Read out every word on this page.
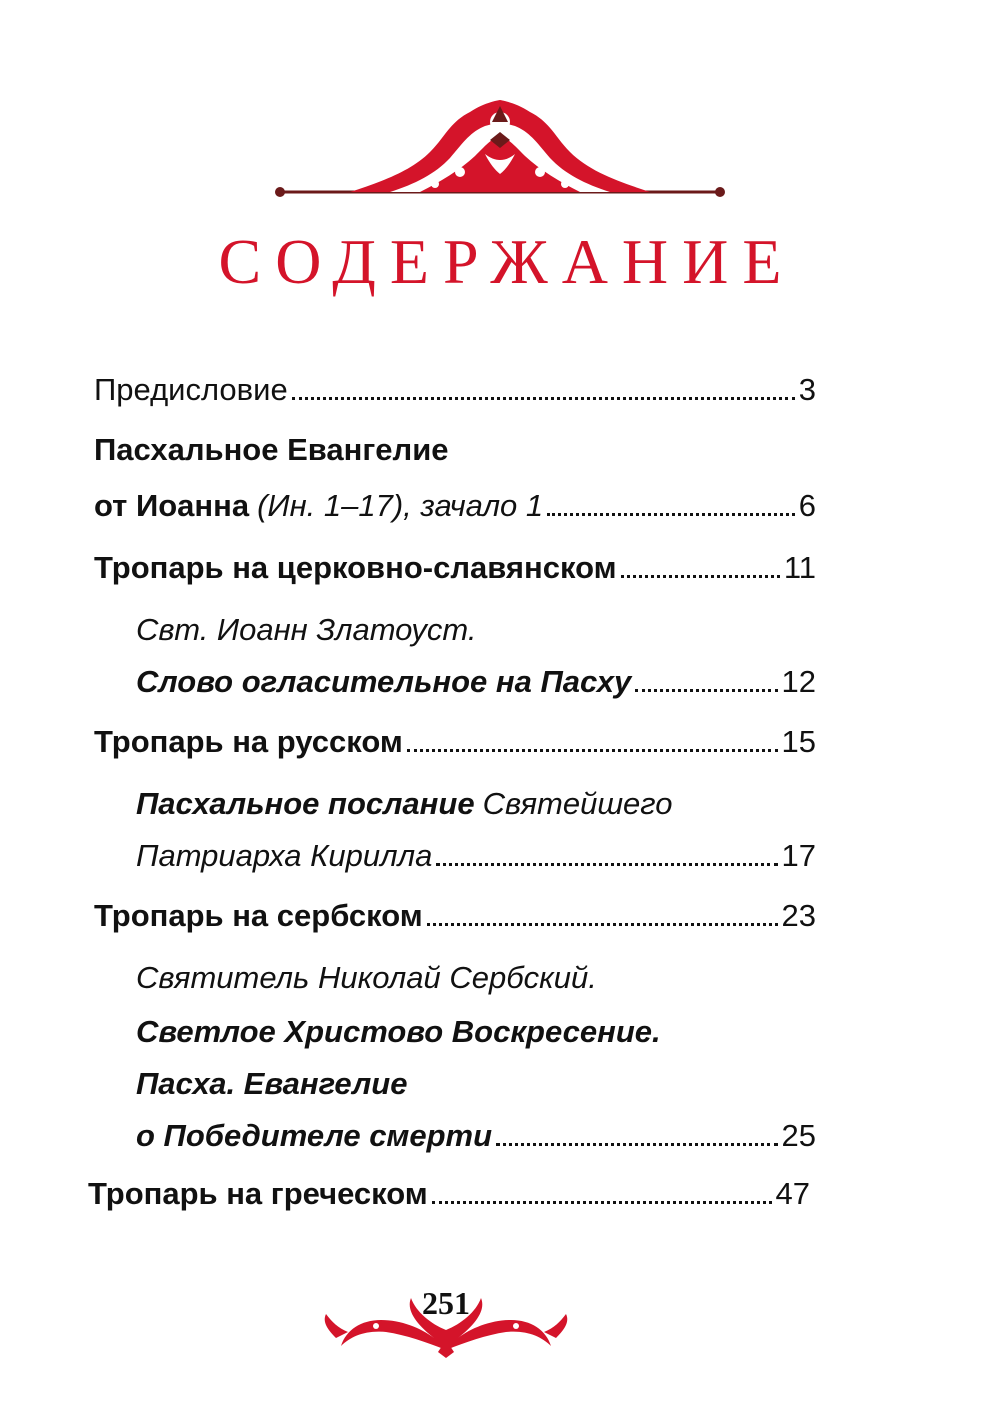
СОДЕРЖАНИЕ
Предисловие	3
Пасхальное Евангелие
от Иоанна (Ин. 1–17), зачало 1	6
Тропарь на церковно-славянском	11
Свт. Иоанн Златоуст.
Слово огласительное на Пасху	12
Тропарь на русском	15
Пасхальное послание Святейшего
Патриарха Кирилла	17
Тропарь на сербском	23
Святитель Николай Сербский.
Светлое Христово Воскресение.
Пасха. Евангелие
о Победителе смерти	25
Тропарь на греческом	47
251
